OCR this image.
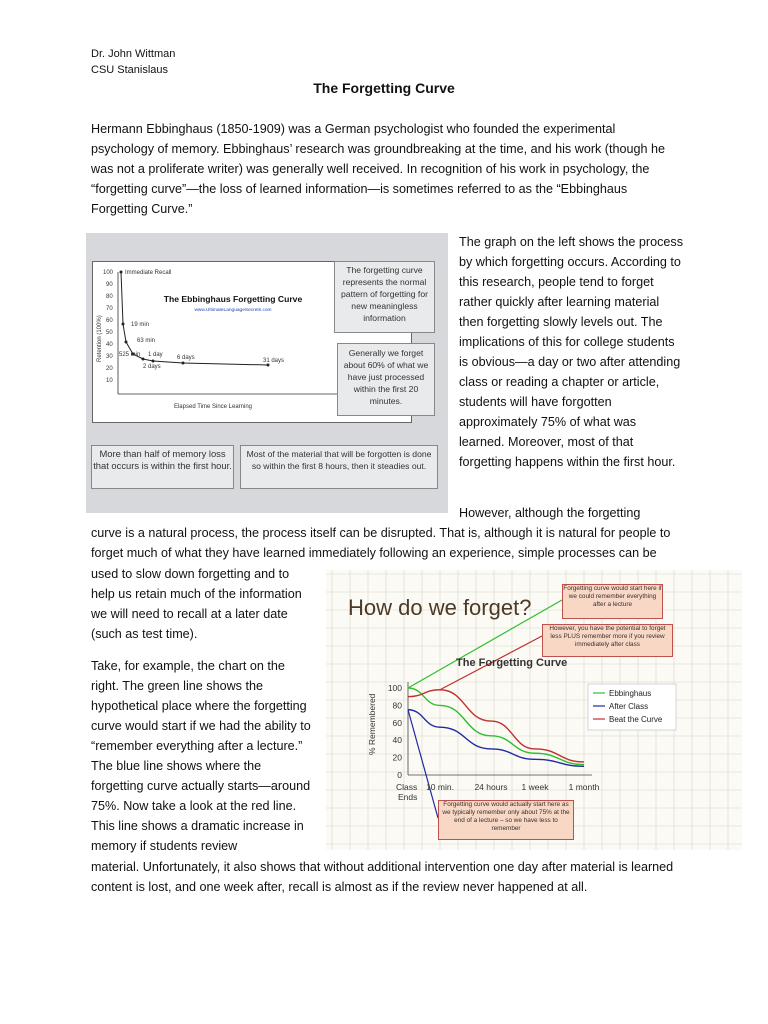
Dr. John Wittman
CSU Stanislaus
The Forgetting Curve
Hermann Ebbinghaus (1850-1909) was a German psychologist who founded the experimental psychology of memory. Ebbinghaus’ research was groundbreaking at the time, and his work (though he was not a proliferate writer) was generally well received. In recognition of his work in psychology, the “forgetting curve”—the loss of learned information—is sometimes referred to as the “Ebbinghaus Forgetting Curve.”
100
90
80
70
60
50
40
30
20
10
Retention (100%)
Immediate Recall
19 min
63 min
525 min 1 day
2 days
6 days	31 days
The Ebbinghaus Forgetting Curve
www.UltimateLanguageSecrets.com
Elapsed Time Since Learning
The forgetting curve represents the normal pattern of forgetting for new meaningless information
Generally we forget about 60% of what we have just processed within the first 20 minutes.
More than half of memory loss that occurs is within the first hour.
Most of the material that will be forgotten is done so within the first 8 hours, then it steadies out.
The graph on the left shows the process by which forgetting occurs. According to this research, people tend to forget rather quickly after learning material then forgetting slowly levels out. The implications of this for college students is obvious—a day or two after attending class or reading a chapter or article, students will have forgotten approximately 75% of what was learned. Moreover, most of that forgetting happens within the first hour.
However, although the forgetting
curve is a natural process, the process itself can be disrupted. That is, although it is natural for people to forget much of what they have learned immediately following an experience, simple processes can be
used to slow down forgetting and to help us retain much of the information we will need to recall at a later date (such as test time).
Take, for example, the chart on the right. The green line shows the hypothetical place where the forgetting curve would start if we had the ability to “remember everything after a lecture.” The blue line shows where the forgetting curve actually starts—around 75%. Now take a look at the red line. This line shows a dramatic increase in memory if students review
100
80
60
40
20
0
Class
Ends
10 min. 24 hours 1 week 1 month
How do we forget?
The Forgetting Curve
% Remembered
Ebbinghaus
After Class
Beat the Curve
Forgetting curve would start here if we could remember everything after a lecture
However, you have the potential to forget less PLUS remember more if you review immediately after class
Forgetting curve would actually start here as we typically remember only about 75% at the end of a lecture – so we have less to remember
material. Unfortunately, it also shows that without additional intervention one day after material is learned content is lost, and one week after, recall is almost as if the review never happened at all.
